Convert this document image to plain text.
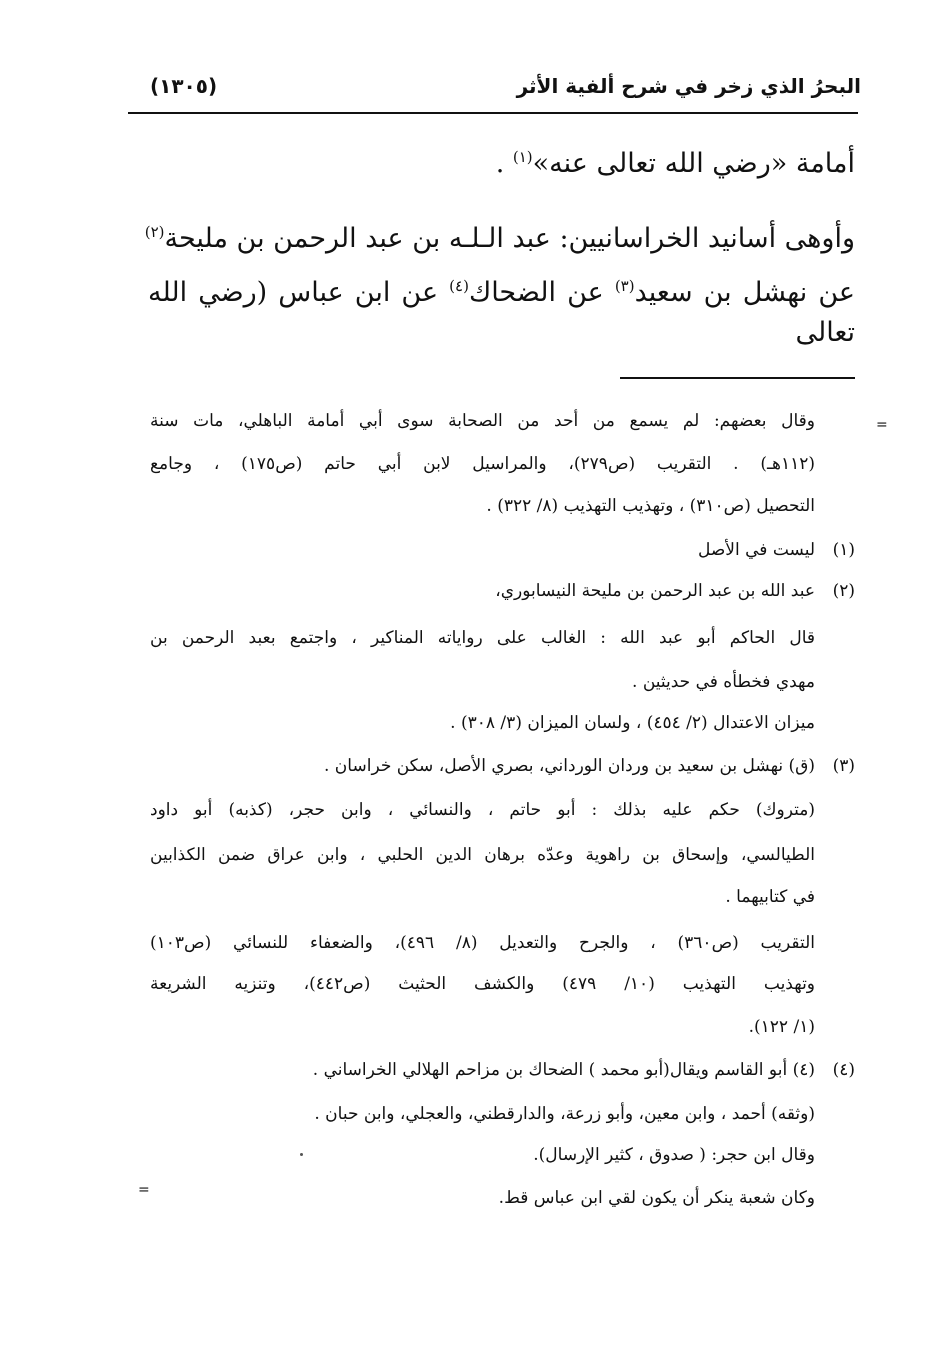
البحرُ الذي زخر في شرح ألفية الأثر
(١٣٠٥)
أمامة «رضي الله تعالى عنه»$^{(١)}$ .
وأوهى أسانيد الخراسانيين: عبد الـلـه بن عبد الرحمن بن مليحة$^{(٢)}$
عن نهشل بن سعيد$^{(٣)}$ عن الضحاك$^{(٤)}$ عن ابن عباس (رضي الله تعالى
وقال بعضهم: لم يسمع من أحد من الصحابة سوى أبي أمامة الباهلي، مات سنة
(١١٢هـ) . التقريب (ص٢٧٩)، والمراسيل لابن أبي حاتم (ص١٧٥) ، وجامع
التحصيل (ص٣١٠) ، وتهذيب التهذيب (٨/ ٣٢٢) .
(١)
ليست في الأصل
(٢)
عبد الله بن عبد الرحمن بن مليحة النيسابوري،
قال الحاكم أبو عبد الله : الغالب على رواياته المناكير ، واجتمع بعبد الرحمن بن
مهدي فخطأه في حديثين .
ميزان الاعتدال (٢/ ٤٥٤) ، ولسان الميزان (٣/ ٣٠٨) .
(٣)
(ق) نهشل بن سعيد بن وردان الورداني، بصري الأصل، سكن خراسان .
(متروك) حكم عليه بذلك : أبو حاتم ، والنسائي ، وابن حجر، (كذبه) أبو داود
الطيالسي، وإسحاق بن راهوية وعدّه برهان الدين الحلبي ، وابن عراق ضمن الكذابين
في كتابيهما .
التقريب (ص٣٦٠) ، والجرح والتعديل (٨/ ٤٩٦)، والضعفاء للنسائي (ص١٠٣)
وتهذيب التهذيب (١٠/ ٤٧٩) والكشف الحثيث (ص٤٤٢)، وتنزيه الشريعة
(١/ ١٢٢).
(٤)
(٤) أبو القاسم ويقال(أبو محمد ) الضحاك بن مزاحم الهلالي الخراساني .
(وثقه) أحمد ، وابن معين، وأبو زرعة، والدارقطني، والعجلي، وابن حبان .
وقال ابن حجر: ( صدوق ، كثير الإرسال).
وكان شعبة ينكر أن يكون لقي ابن عباس قط.
=
=
